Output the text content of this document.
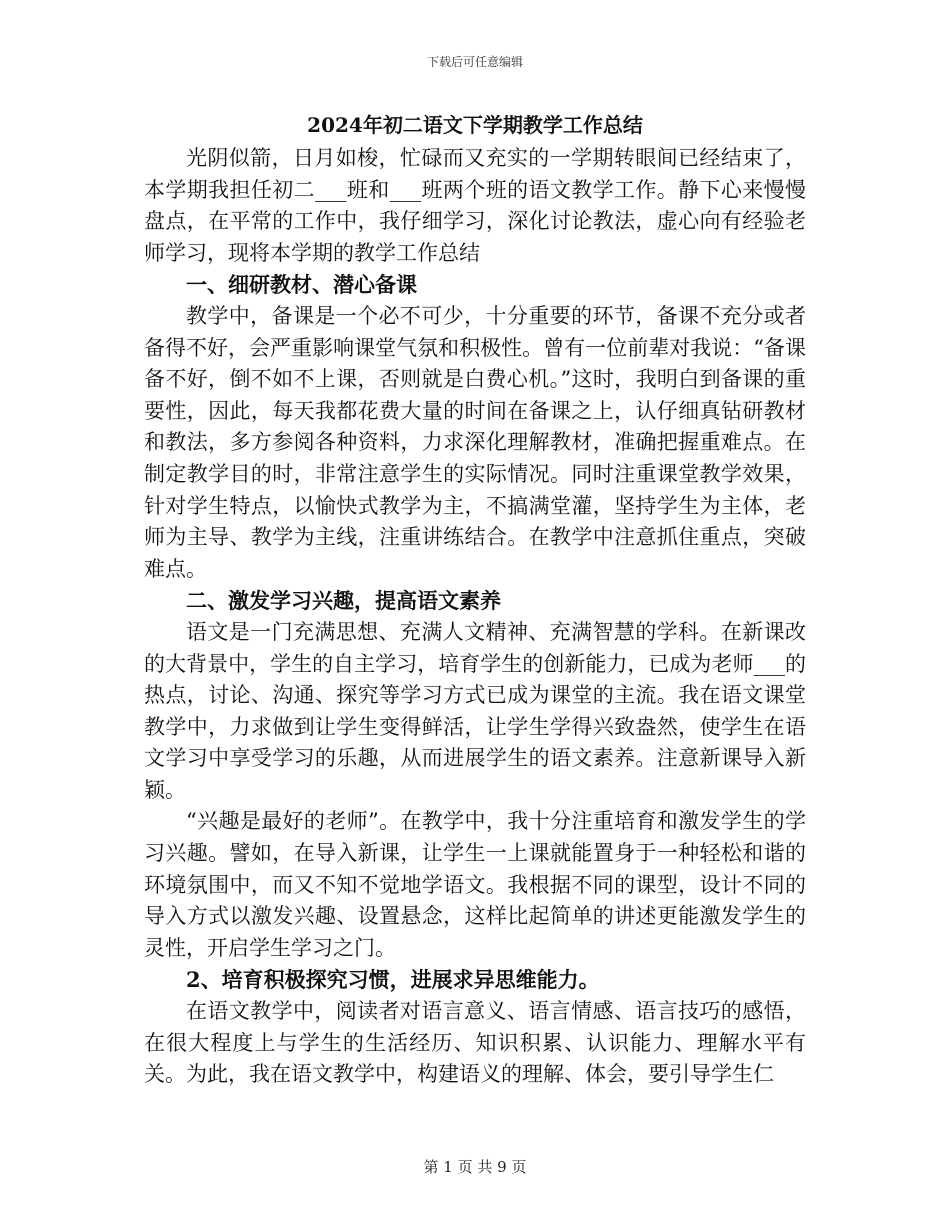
下载后可任意编辑
2024年初二语文下学期教学工作总结

光阴似箭，日月如梭，忙碌而又充实的一学期转眼间已经结束了，本学期我担任初二___班和___班两个班的语文教学工作。静下心来慢慢盘点，在平常的工作中，我仔细学习，深化讨论教法，虚心向有经验老师学习，现将本学期的教学工作总结

一、细研教材、潜心备课

教学中，备课是一个必不可少，十分重要的环节，备课不充分或者备得不好，会严重影响课堂气氛和积极性。曾有一位前辈对我说：“备课备不好，倒不如不上课，否则就是白费心机。”这时，我明白到备课的重要性，因此，每天我都花费大量的时间在备课之上，认仔细真钻研教材和教法，多方参阅各种资料，力求深化理解教材，准确把握重难点。在制定教学目的时，非常注意学生的实际情况。同时注重课堂教学效果，针对学生特点，以愉快式教学为主，不搞满堂灌，坚持学生为主体，老师为主导、教学为主线，注重讲练结合。在教学中注意抓住重点，突破难点。

二、激发学习兴趣，提高语文素养

语文是一门充满思想、充满人文精神、充满智慧的学科。在新课改的大背景中，学生的自主学习，培育学生的创新能力，已成为老师___的热点，讨论、沟通、探究等学习方式已成为课堂的主流。我在语文课堂教学中，力求做到让学生变得鲜活，让学生学得兴致盎然，使学生在语文学习中享受学习的乐趣，从而进展学生的语文素养。注意新课导入新颖。

“兴趣是最好的老师”。在教学中，我十分注重培育和激发学生的学习兴趣。譬如，在导入新课，让学生一上课就能置身于一种轻松和谐的环境氛围中，而又不知不觉地学语文。我根据不同的课型，设计不同的导入方式以激发兴趣、设置悬念，这样比起简单的讲述更能激发学生的灵性，开启学生学习之门。

2、培育积极探究习惯，进展求异思维能力。

在语文教学中，阅读者对语言意义、语言情感、语言技巧的感悟，在很大程度上与学生的生活经历、知识积累、认识能力、理解水平有关。为此，我在语文教学中，构建语义的理解、体会，要引导学生仁

第 1 页 共 9 页
